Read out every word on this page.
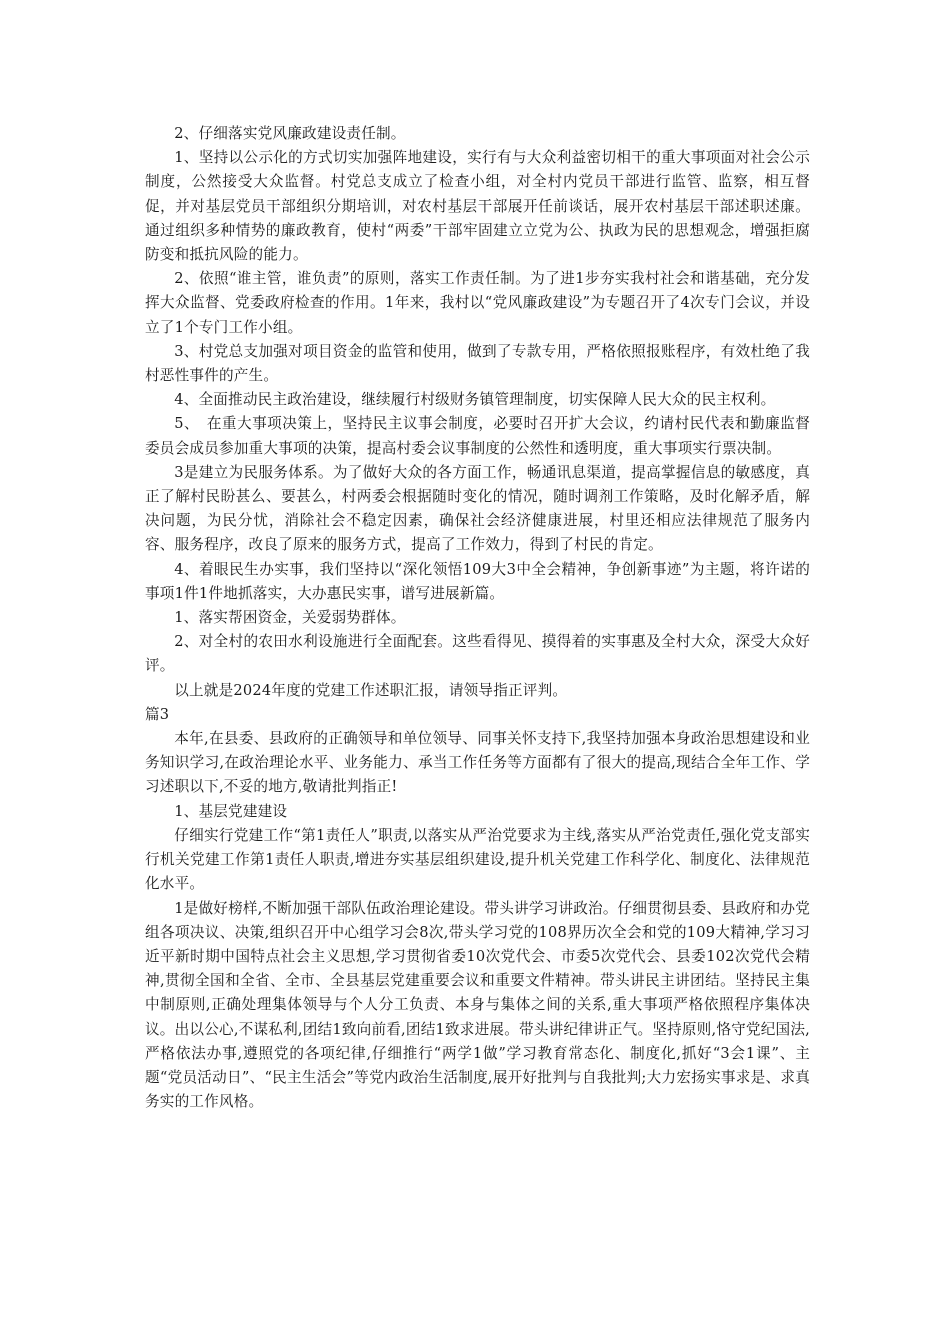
2、仔细落实党风廉政建设责任制。

1、坚持以公示化的方式切实加强阵地建设，实行有与大众利益密切相干的重大事项面对社会公示制度，公然接受大众监督。村党总支成立了检查小组，对全村内党员干部进行监管、监察，相互督促，并对基层党员干部组织分期培训，对农村基层干部展开任前谈话，展开农村基层干部述职述廉。通过组织多种情势的廉政教育，使村“两委”干部牢固建立立党为公、执政为民的思想观念，增强拒腐防变和抵抗风险的能力。

2、依照“谁主管，谁负责”的原则，落实工作责任制。为了进1步夯实我村社会和谐基础，充分发挥大众监督、党委政府检查的作用。1年来，我村以“党风廉政建设”为专题召开了4次专门会议，并设立了1个专门工作小组。

3、村党总支加强对项目资金的监管和使用，做到了专款专用，严格依照报账程序，有效杜绝了我村恶性事件的产生。

4、全面推动民主政治建设，继续履行村级财务镇管理制度，切实保障人民大众的民主权利。

5、　在重大事项决策上，坚持民主议事会制度，必要时召开扩大会议，约请村民代表和勤廉监督委员会成员参加重大事项的决策，提高村委会议事制度的公然性和透明度，重大事项实行票决制。

3是建立为民服务体系。为了做好大众的各方面工作，畅通讯息渠道，提高掌握信息的敏感度，真正了解村民盼甚么、要甚么，村两委会根据随时变化的情况，随时调剂工作策略，及时化解矛盾，解决问题，为民分忧，消除社会不稳定因素，确保社会经济健康进展，村里还相应法律规范了服务内容、服务程序，改良了原来的服务方式，提高了工作效力，得到了村民的肯定。

4、着眼民生办实事，我们坚持以“深化领悟109大3中全会精神，争创新事迹”为主题，将许诺的事项1件1件地抓落实，大办惠民实事，谱写进展新篇。

1、落实帮困资金，关爱弱势群体。

2、对全村的农田水利设施进行全面配套。这些看得见、摸得着的实事惠及全村大众，深受大众好评。

以上就是2024年度的党建工作述职汇报，请领导指正评判。

篇3

本年,在县委、县政府的正确领导和单位领导、同事关怀支持下,我坚持加强本身政治思想建设和业务知识学习,在政治理论水平、业务能力、承当工作任务等方面都有了很大的提高,现结合全年工作、学习述职以下,不妥的地方,敬请批判指正!

1、基层党建建设

仔细实行党建工作“第1责任人”职责,以落实从严治党要求为主线,落实从严治党责任,强化党支部实行机关党建工作第1责任人职责,增进夯实基层组织建设,提升机关党建工作科学化、制度化、法律规范化水平。

1是做好榜样,不断加强干部队伍政治理论建设。带头讲学习讲政治。仔细贯彻县委、县政府和办党组各项决议、决策,组织召开中心组学习会8次,带头学习党的108界历次全会和党的109大精神,学习习近平新时期中国特点社会主义思想,学习贯彻省委10次党代会、市委5次党代会、县委102次党代会精神,贯彻全国和全省、全市、全县基层党建重要会议和重要文件精神。带头讲民主讲团结。坚持民主集中制原则,正确处理集体领导与个人分工负责、本身与集体之间的关系,重大事项严格依照程序集体决议。出以公心,不谋私利,团结1致向前看,团结1致求进展。带头讲纪律讲正气。坚持原则,恪守党纪国法,严格依法办事,遵照党的各项纪律,仔细推行“两学1做”学习教育常态化、制度化,抓好“3会1课”、主题“党员活动日”、“民主生活会”等党内政治生活制度,展开好批判与自我批判;大力宏扬实事求是、求真务实的工作风格。
